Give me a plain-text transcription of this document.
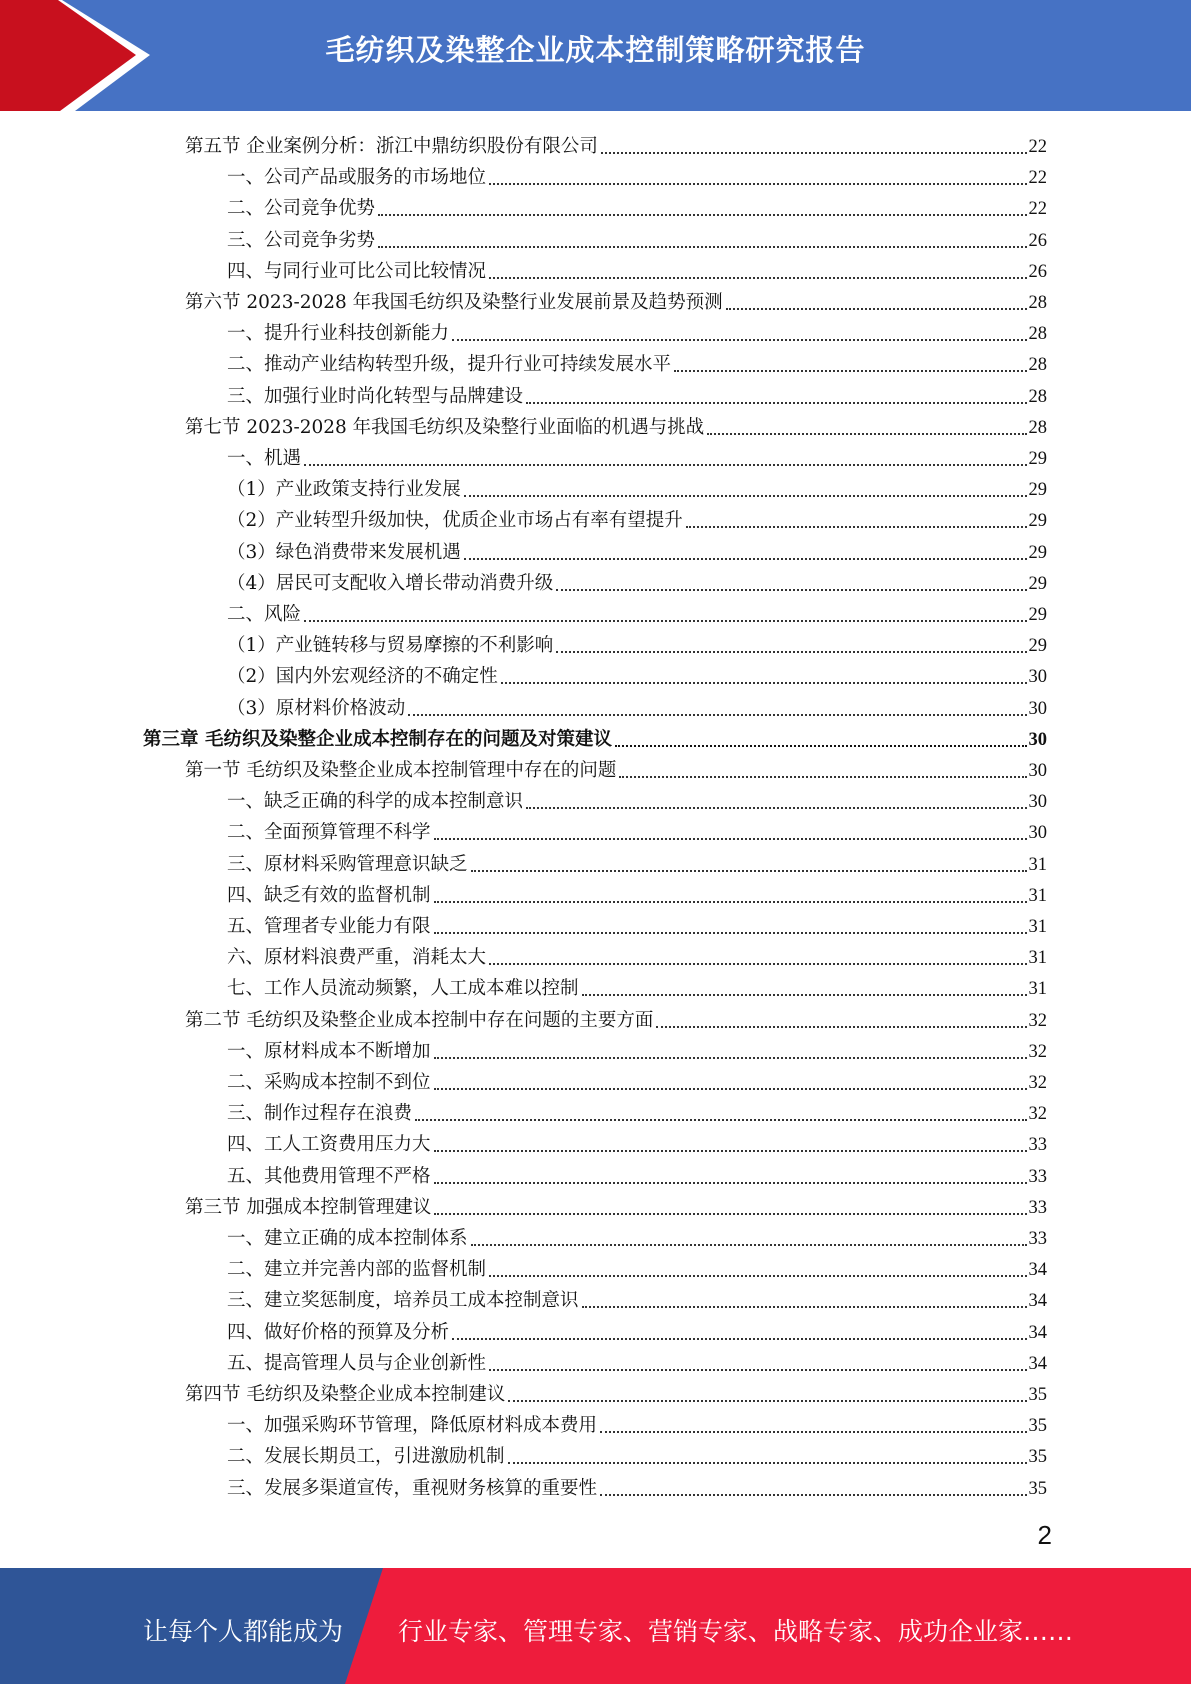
毛纺织及染整企业成本控制策略研究报告
第五节 企业案例分析：浙江中鼎纺织股份有限公司	22
一、公司产品或服务的市场地位	22
二、公司竞争优势	22
三、公司竞争劣势	26
四、与同行业可比公司比较情况	26
第六节 2023-2028 年我国毛纺织及染整行业发展前景及趋势预测	28
一、提升行业科技创新能力	28
二、推动产业结构转型升级，提升行业可持续发展水平	28
三、加强行业时尚化转型与品牌建设	28
第七节 2023-2028 年我国毛纺织及染整行业面临的机遇与挑战	28
一、机遇	29
（1）产业政策支持行业发展	29
（2）产业转型升级加快，优质企业市场占有率有望提升	29
（3）绿色消费带来发展机遇	29
（4）居民可支配收入增长带动消费升级	29
二、风险	29
（1）产业链转移与贸易摩擦的不利影响	29
（2）国内外宏观经济的不确定性	30
（3）原材料价格波动	30
第三章 毛纺织及染整企业成本控制存在的问题及对策建议	30
第一节 毛纺织及染整企业成本控制管理中存在的问题	30
一、缺乏正确的科学的成本控制意识	30
二、全面预算管理不科学	30
三、原材料采购管理意识缺乏	31
四、缺乏有效的监督机制	31
五、管理者专业能力有限	31
六、原材料浪费严重，消耗太大	31
七、工作人员流动频繁，人工成本难以控制	31
第二节 毛纺织及染整企业成本控制中存在问题的主要方面	32
一、原材料成本不断增加	32
二、采购成本控制不到位	32
三、制作过程存在浪费	32
四、工人工资费用压力大	33
五、其他费用管理不严格	33
第三节 加强成本控制管理建议	33
一、建立正确的成本控制体系	33
二、建立并完善内部的监督机制	34
三、建立奖惩制度，培养员工成本控制意识	34
四、做好价格的预算及分析	34
五、提高管理人员与企业创新性	34
第四节 毛纺织及染整企业成本控制建议	35
一、加强采购环节管理，降低原材料成本费用	35
二、发展长期员工，引进激励机制	35
三、发展多渠道宣传，重视财务核算的重要性	35
2
让每个人都能成为 行业专家、管理专家、营销专家、战略专家、成功企业家……
